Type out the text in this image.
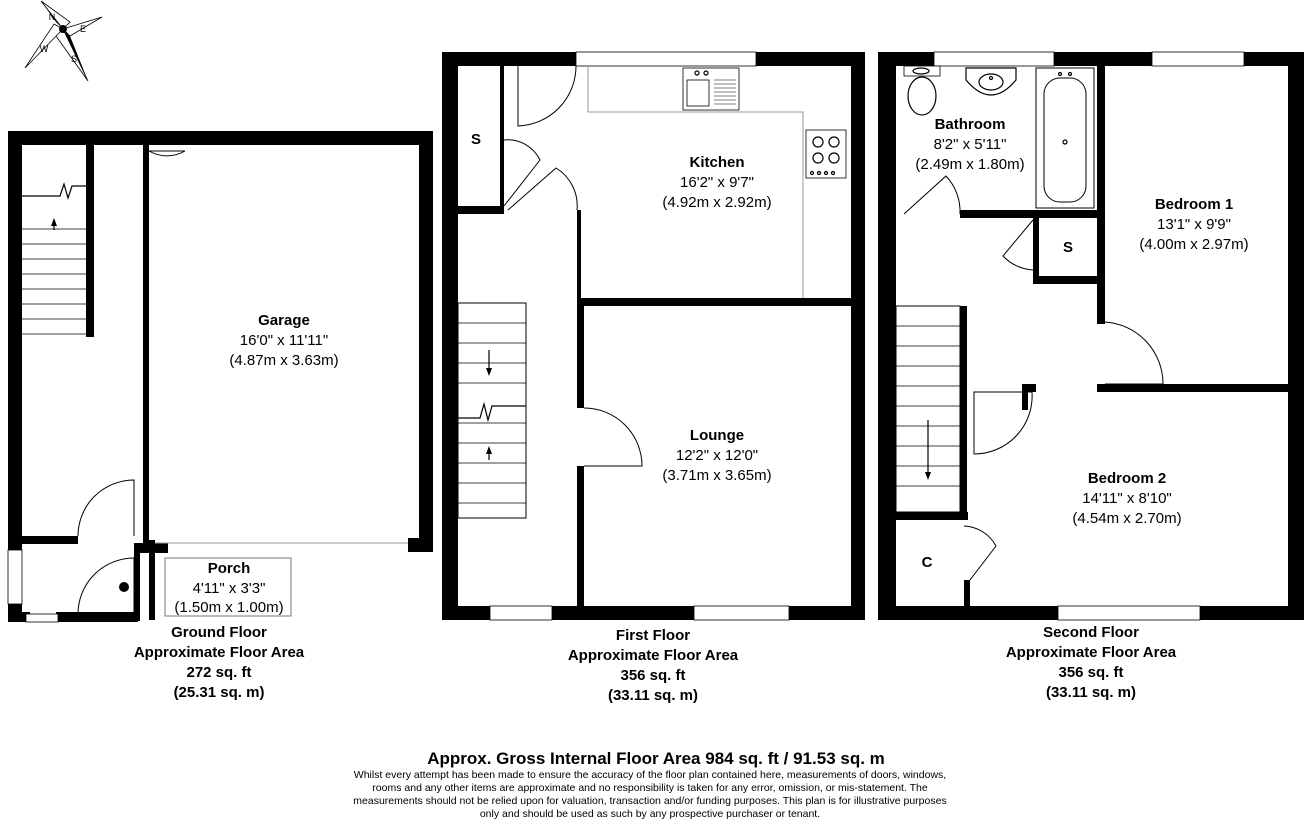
N
E
S
W
Garage
16'0" x 11'11"
(4.87m x 3.63m)
Porch
4'11" x 3'3"
(1.50m x 1.00m)
Ground Floor
Approximate Floor Area
272 sq. ft
(25.31 sq. m)
S
Kitchen
16'2" x 9'7"
(4.92m x 2.92m)
Lounge
12'2" x 12'0"
(3.71m x 3.65m)
First Floor
Approximate Floor Area
356 sq. ft
(33.11 sq. m)
Bathroom
8'2" x 5'11"
(2.49m x 1.80m)
S
Bedroom 1
13'1" x 9'9"
(4.00m x 2.97m)
Bedroom 2
14'11" x 8'10"
(4.54m x 2.70m)
C
Second Floor
Approximate Floor Area
356 sq. ft
(33.11 sq. m)
Approx. Gross Internal Floor Area 984 sq. ft / 91.53 sq. m
Whilst every attempt has been made to ensure the accuracy of the floor plan contained here, measurements of doors, windows,
rooms and any other items are approximate and no responsibility is taken for any error, omission, or mis-statement. The
measurements should not be relied upon for valuation, transaction and/or funding purposes. This plan is for illustrative purposes
only and should be used as such by any prospective purchaser or tenant.
